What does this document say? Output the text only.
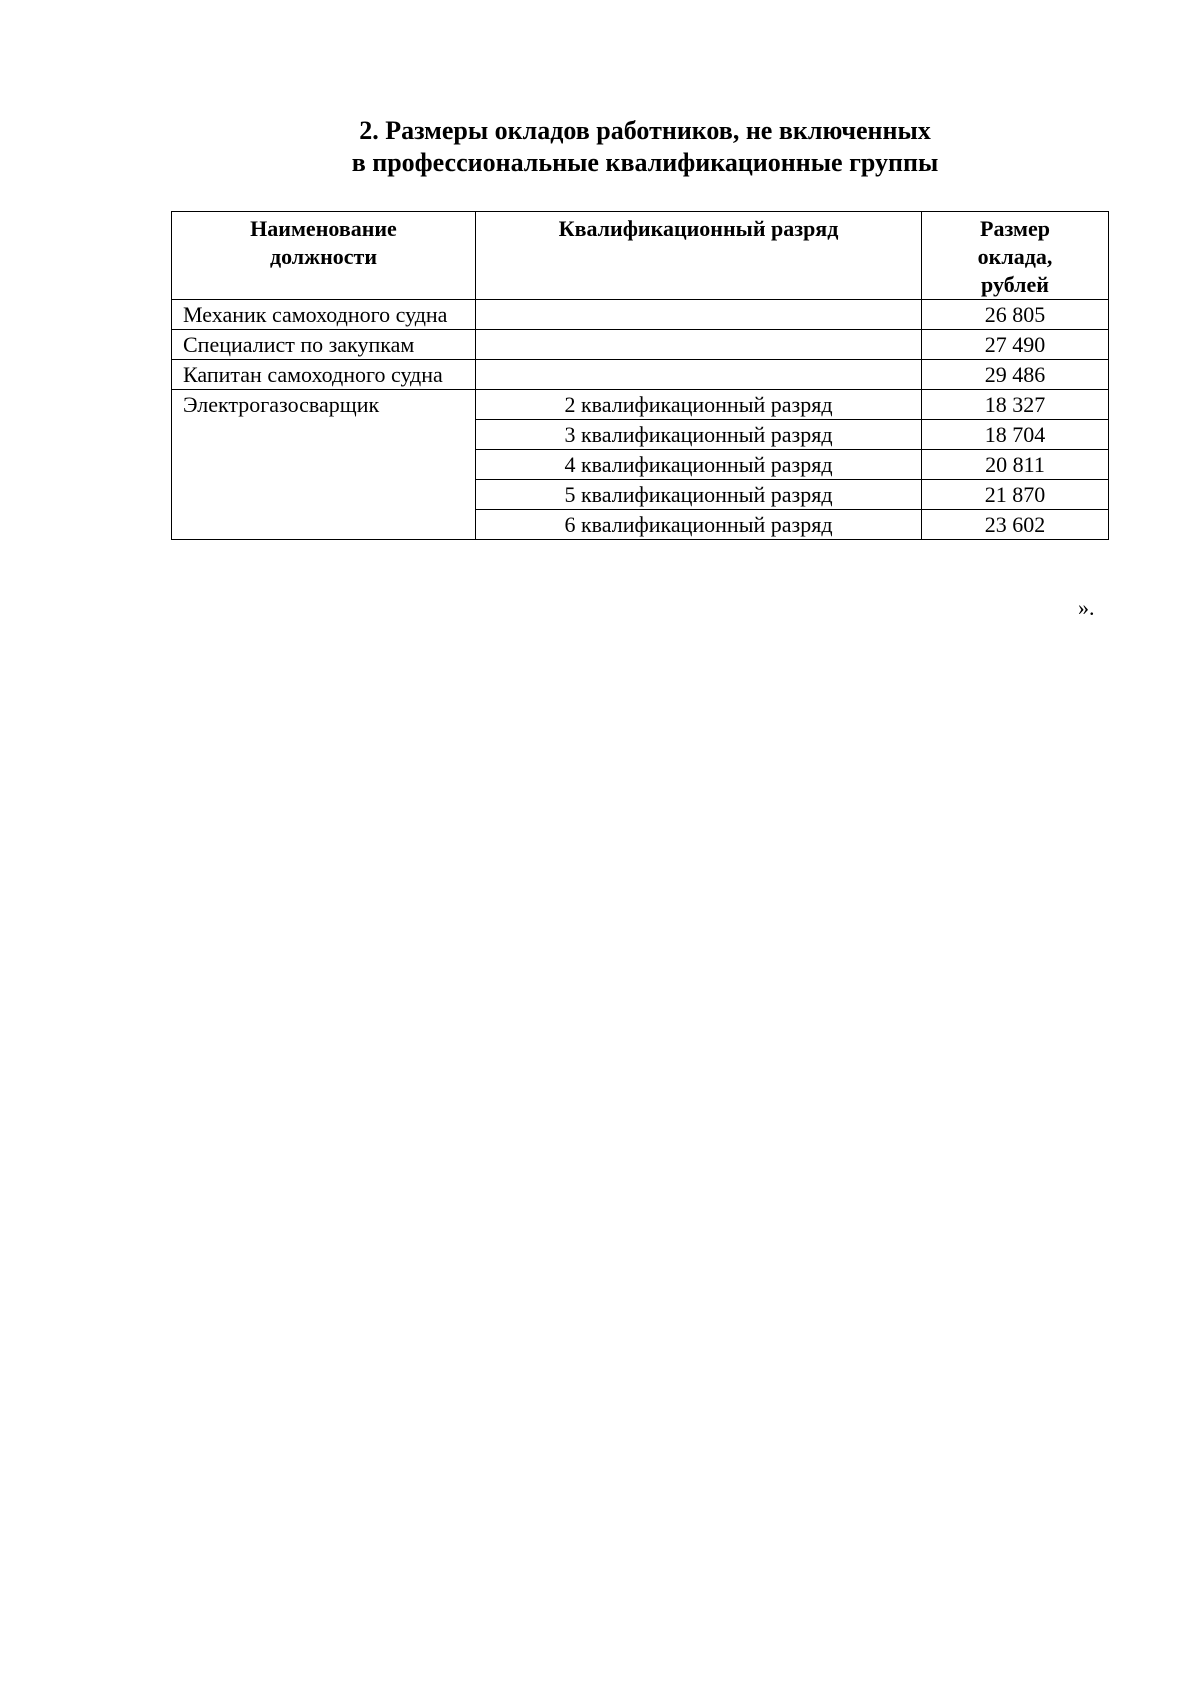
2. Размеры окладов работников, не включенных
в профессиональные квалификационные группы
Наименование должности	Квалификационный разряд	Размер оклада, рублей
Механик самоходного судна		26 805
Специалист по закупкам		27 490
Капитан самоходного судна		29 486
Электрогазосварщик	2 квалификационный разряд	18 327
	3 квалификационный разряд	18 704
	4 квалификационный разряд	20 811
	5 квалификационный разряд	21 870
	6 квалификационный разряд	23 602
».
